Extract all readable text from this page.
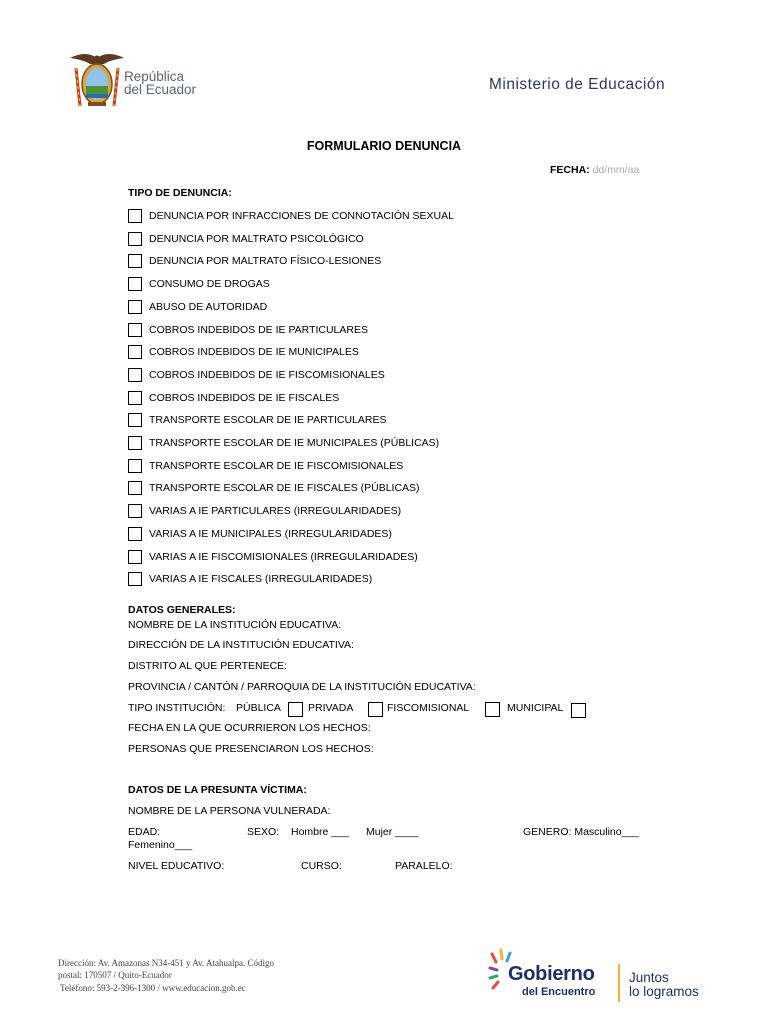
República
del Ecuador	Ministerio de Educación
FORMULARIO DENUNCIA
FECHA: dd/mm/aa
TIPO DE DENUNCIA:
DENUNCIA POR INFRACCIONES DE CONNOTACIÓN SEXUAL
DENUNCIA POR MALTRATO PSICOLÓGICO
DENUNCIA POR MALTRATO FÍSICO-LESIONES
CONSUMO DE DROGAS
ABUSO DE AUTORIDAD
COBROS INDEBIDOS DE IE PARTICULARES
COBROS INDEBIDOS DE IE MUNICIPALES
COBROS INDEBIDOS DE IE FISCOMISIONALES
COBROS INDEBIDOS DE IE FISCALES
TRANSPORTE ESCOLAR DE IE PARTICULARES
TRANSPORTE ESCOLAR DE IE MUNICIPALES (PÚBLICAS)
TRANSPORTE ESCOLAR DE IE FISCOMISIONALES
TRANSPORTE ESCOLAR DE IE FISCALES (PÚBLICAS)
VARIAS A IE PARTICULARES (IRREGULARIDADES)
VARIAS A IE MUNICIPALES (IRREGULARIDADES)
VARIAS A IE FISCOMISIONALES (IRREGULARIDADES)
VARIAS A IE FISCALES (IRREGULARIDADES)
DATOS GENERALES:
NOMBRE DE LA INSTITUCIÓN EDUCATIVA:
DIRECCIÓN DE LA INSTITUCIÓN EDUCATIVA:
DISTRITO AL QUE PERTENECE:
PROVINCIA / CANTÓN / PARROQUIA DE LA INSTITUCIÓN EDUCATIVA:
TIPO INSTITUCIÓN: PÚBLICA	PRIVADA	FISCOMISIONAL	MUNICIPAL
FECHA EN LA QUE OCURRIERON LOS HECHOS:
PERSONAS QUE PRESENCIARON LOS HECHOS:
DATOS DE LA PRESUNTA VÍCTIMA:
NOMBRE DE LA PERSONA VULNERADA:
EDAD:	SEXO: Hombre ___ Mujer ____	GENERO: Masculino___
Femenino___
NIVEL EDUCATIVO:	CURSO:	PARALELO:
Dirección: Av. Amazonas N34-451 y Av. Atahualpa. Código
postal: 170507 / Quito-Ecuador
Teléfono: 593-2-396-1300 / www.educacion.gob.ec
Gobierno
del Encuentro
Juntos
lo logramos
